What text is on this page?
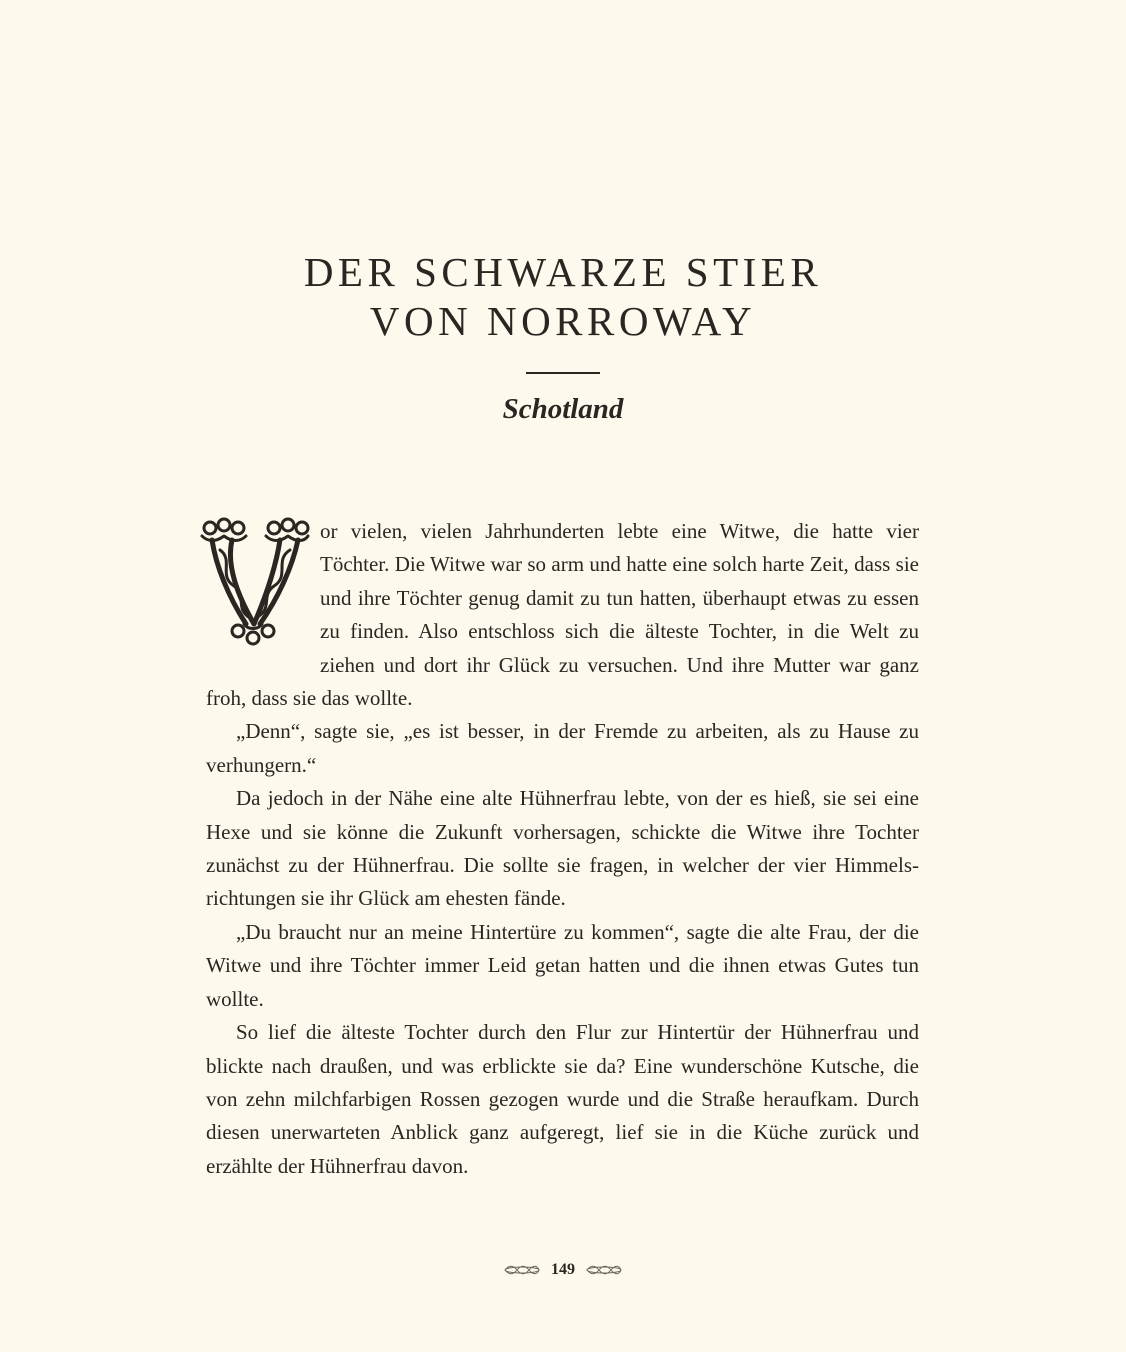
DER SCHWARZE STIER
VON NORROWAY
Schotland

or vielen, vielen Jahrhunderten lebte eine Witwe, die hatte vier Töchter. Die Witwe war so arm und hatte eine solch harte Zeit, dass sie und ihre Töchter genug damit zu tun hatten, überhaupt etwas zu essen zu finden. Also entschloss sich die älteste Tochter, in die Welt zu ziehen und dort ihr Glück zu versuchen. Und ihre Mutter war ganz froh, dass sie das wollte.

„Denn“, sagte sie, „es ist besser, in der Fremde zu arbeiten, als zu Hause zu verhungern.“

Da jedoch in der Nähe eine alte Hühnerfrau lebte, von der es hieß, sie sei eine Hexe und sie könne die Zukunft vorhersagen, schickte die Witwe ihre Tochter zunächst zu der Hühnerfrau. Die sollte sie fragen, in welcher der vier Himmelsrichtungen sie ihr Glück am ehesten fände.

„Du braucht nur an meine Hintertüre zu kommen“, sagte die alte Frau, der die Witwe und ihre Töchter immer Leid getan hatten und die ihnen etwas Gutes tun wollte.

So lief die älteste Tochter durch den Flur zur Hintertür der Hühnerfrau und blickte nach draußen, und was erblickte sie da? Eine wunderschöne Kutsche, die von zehn milchfarbigen Rossen gezogen wurde und die Straße heraufkam. Durch diesen unerwarteten Anblick ganz aufgeregt, lief sie in die Küche zurück und erzählte der Hühnerfrau davon.

149
